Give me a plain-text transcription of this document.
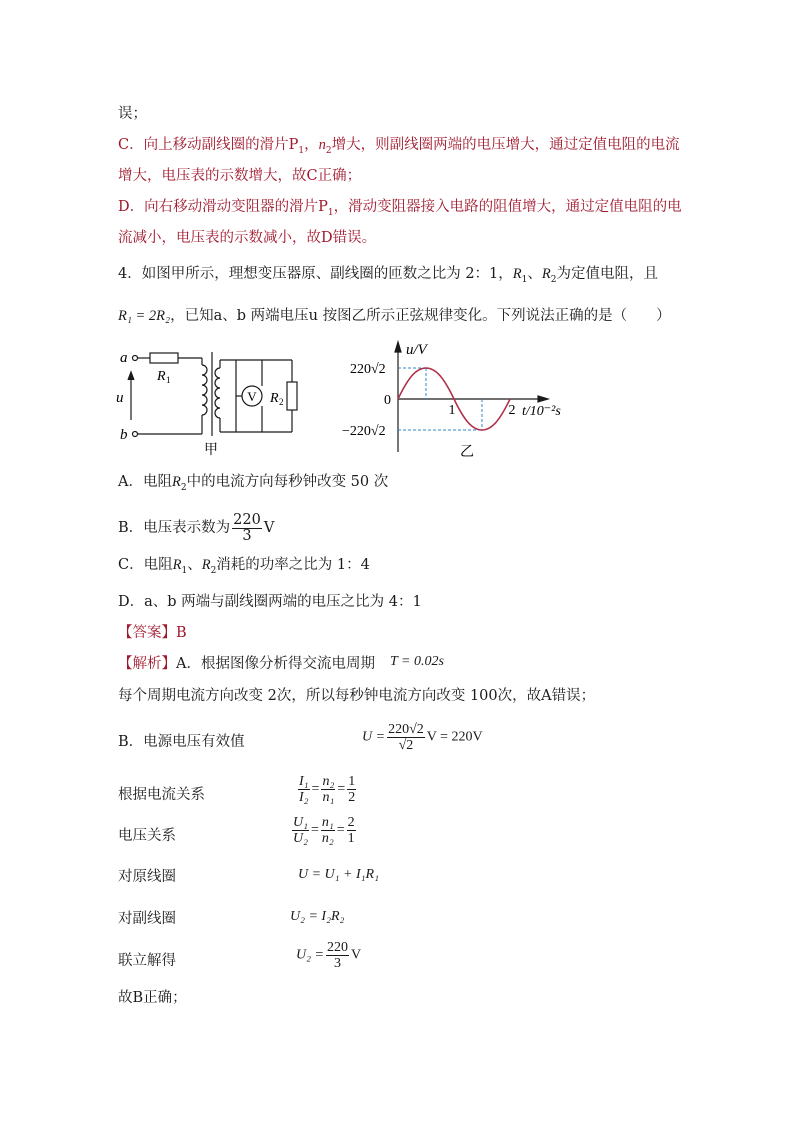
误；
C．向上移动副线圈的滑片$P_1$，$n_2$增大，则副线圈两端的电压增大，通过定值电阻的电流
增大，电压表的示数增大，故C正确；
D．向右移动滑动变阻器的滑片$P_1$，滑动变阻器接入电路的阻值增大，通过定值电阻的电
流减小，电压表的示数减小，故D错误。
4．如图甲所示，理想变压器原、副线圈的匝数之比为 2：1，$R_1$、$R_2$为定值电阻，且
R₁ = 2R₂，已知a、b 两端电压u 按图乙所示正弦规律变化。下列说法正确的是（　　）
V
a
b
u
R 1
R 2
甲
u/V
220√2
−220√2
0
1	2 t/10⁻²s
乙
A．电阻$R_2$中的电流方向每秒钟改变 50 次
B．电压表示数为 $\frac{220}{3}$ V
C．电阻$R_1$、$R_2$消耗的功率之比为 1：4
D．a、b 两端与副线圈两端的电压之比为 4：1
【答案】B
【解析】A．根据图像分析得交流电周期 T = 0.02s
每个周期电流方向改变 2次，所以每秒钟电流方向改变 100次，故A错误；
B．电源电压有效值	$U = \frac{220√2}{√2}$ V = 220V
根据电流关系	$\frac{\text{I₁}}{\text{I₂}} = \frac{\text{n₂}}{\text{n₁}} = \frac{1}{2}$
电压关系	$\frac{\text{U₁}}{\text{U₂}} = \frac{\text{n₁}}{\text{n₂}} = \frac{2}{1}$
对原线圈	U = U₁ + I₁R₁
对副线圈	U₂ = I₂R₂
联立解得	$U_2 = \frac{220}{3}$ V
故B正确；
